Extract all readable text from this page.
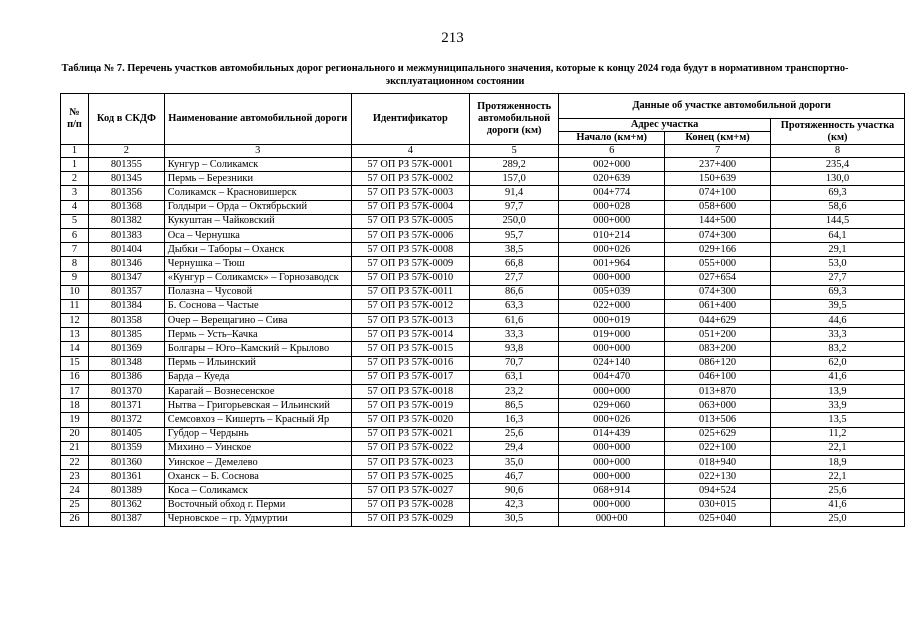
213
Таблица № 7. Перечень участков автомобильных дорог регионального и межмуниципального значения, которые к концу 2024 года будут в нормативном транспортно-эксплуатационном состоянии
№ п/п	Код в СКДФ	Наименование автомобильной дороги	Идентификатор	Протяженность автомобильной дороги (км)	Данные об участке автомобильной дороги		
					Адрес участка		Протяженность участка (км)
					Начало (км+м)	Конец (км+м)	
1	2	3	4	5	6	7	8
1	801355	Кунгур – Соликамск	57 ОП РЗ 57К-0001	289,2	002+000	237+400	235,4
2	801345	Пермь – Березники	57 ОП РЗ 57К-0002	157,0	020+639	150+639	130,0
3	801356	Соликамск – Красновишерск	57 ОП РЗ 57К-0003	91,4	004+774	074+100	69,3
4	801368	Голдыри – Орда – Октябрьский	57 ОП РЗ 57К-0004	97,7	000+028	058+600	58,6
5	801382	Кукуштан – Чайковский	57 ОП РЗ 57К-0005	250,0	000+000	144+500	144,5
6	801383	Оса – Чернушка	57 ОП РЗ 57К-0006	95,7	010+214	074+300	64,1
7	801404	Дыбки – Таборы – Оханск	57 ОП РЗ 57К-0008	38,5	000+026	029+166	29,1
8	801346	Чернушка – Тюш	57 ОП РЗ 57К-0009	66,8	001+964	055+000	53,0
9	801347	«Кунгур – Соликамск» – Горнозаводск	57 ОП РЗ 57К-0010	27,7	000+000	027+654	27,7
10	801357	Полазна – Чусовой	57 ОП РЗ 57К-0011	86,6	005+039	074+300	69,3
11	801384	Б. Соснова – Частые	57 ОП РЗ 57К-0012	63,3	022+000	061+400	39,5
12	801358	Очер – Верещагино – Сива	57 ОП РЗ 57К-0013	61,6	000+019	044+629	44,6
13	801385	Пермь – Усть–Качка	57 ОП РЗ 57К-0014	33,3	019+000	051+200	33,3
14	801369	Болгары – Юго–Камский – Крылово	57 ОП РЗ 57К-0015	93,8	000+000	083+200	83,2
15	801348	Пермь – Ильинский	57 ОП РЗ 57К-0016	70,7	024+140	086+120	62,0
16	801386	Барда – Куеда	57 ОП РЗ 57К-0017	63,1	004+470	046+100	41,6
17	801370	Карагай – Вознесенское	57 ОП РЗ 57К-0018	23,2	000+000	013+870	13,9
18	801371	Нытва – Григорьевская – Ильинский	57 ОП РЗ 57К-0019	86,5	029+060	063+000	33,9
19	801372	Семсовхоз – Кишерть – Красный Яр	57 ОП РЗ 57К-0020	16,3	000+026	013+506	13,5
20	801405	Губдор – Чердынь	57 ОП РЗ 57К-0021	25,6	014+439	025+629	11,2
21	801359	Михино – Уинское	57 ОП РЗ 57К-0022	29,4	000+000	022+100	22,1
22	801360	Уинское – Демелево	57 ОП РЗ 57К-0023	35,0	000+000	018+940	18,9
23	801361	Оханск – Б. Соснова	57 ОП РЗ 57К-0025	46,7	000+000	022+130	22,1
24	801389	Коса – Соликамск	57 ОП РЗ 57К-0027	90,6	068+914	094+524	25,6
25	801362	Восточный обход г. Перми	57 ОП РЗ 57К-0028	42,3	000+000	030+015	41,6
26	801387	Черновское – гр. Удмуртии	57 ОП РЗ 57К-0029	30,5	000+00	025+040	25,0
